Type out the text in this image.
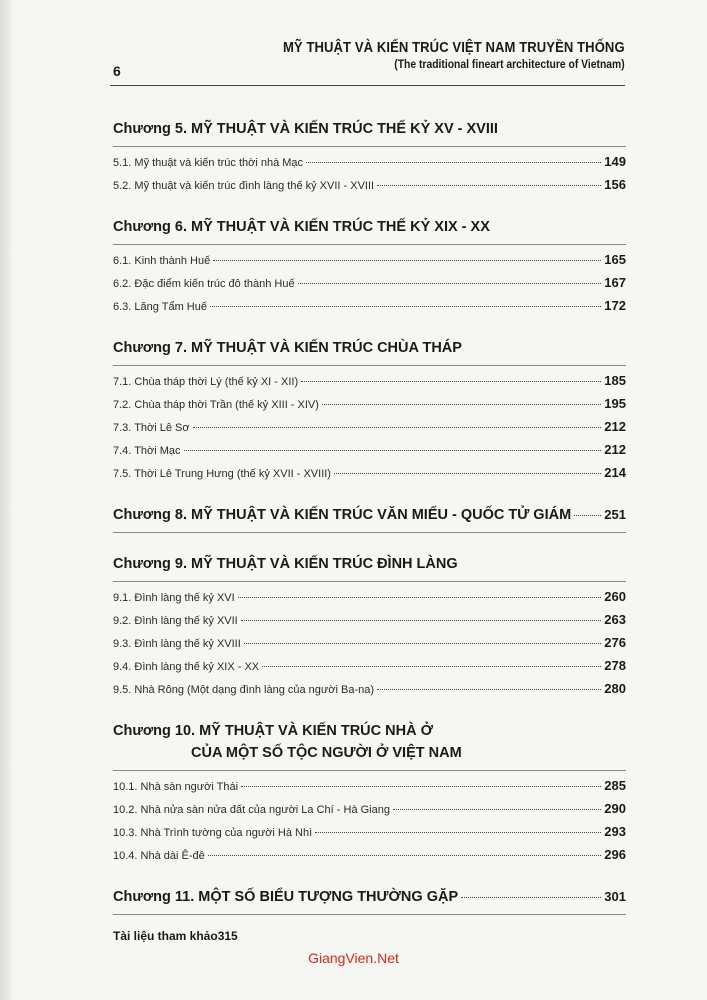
MỸ THUẬT VÀ KIẾN TRÚC VIỆT NAM TRUYỀN THỐNG
(The traditional fineart architecture of Vietnam)
6
Chương 5. MỸ THUẬT VÀ KIẾN TRÚC THẾ KỶ XV - XVIII
5.1. Mỹ thuật và kiến trúc thời nhà Mạc	149
5.2. Mỹ thuật và kiến trúc đình làng thế kỷ XVII - XVIII	156
Chương 6. MỸ THUẬT VÀ KIẾN TRÚC THẾ KỶ XIX - XX
6.1. Kinh thành Huế	165
6.2. Đặc điểm kiến trúc đô thành Huế	167
6.3. Lăng Tẩm Huế	172
Chương 7. MỸ THUẬT VÀ KIẾN TRÚC CHÙA THÁP
7.1. Chùa tháp thời Lý (thế kỷ XI - XII)	185
7.2. Chùa tháp thời Trần (thế kỷ XIII - XIV)	195
7.3. Thời Lê Sơ	212
7.4. Thời Mạc	212
7.5. Thời Lê Trung Hưng (thế kỷ XVII - XVIII)	214
Chương 8. MỸ THUẬT VÀ KIẾN TRÚC VĂN MIẾU - QUỐC TỬ GIÁM	251
Chương 9. MỸ THUẬT VÀ KIẾN TRÚC ĐÌNH LÀNG
9.1. Đình làng thế kỷ XVI	260
9.2. Đình làng thế kỷ XVII	263
9.3. Đình làng thế kỷ XVIII	276
9.4. Đình làng thế kỷ XIX - XX	278
9.5. Nhà Rông (Một dạng đình làng của người Ba-na)	280
Chương 10. MỸ THUẬT VÀ KIẾN TRÚC NHÀ Ở
CỦA MỘT SỐ TỘC NGƯỜI Ở VIỆT NAM
10.1. Nhà sàn người Thái	285
10.2. Nhà nửa sàn nửa đất của người La Chí - Hà Giang	290
10.3. Nhà Trình tường của người Hà Nhì	293
10.4. Nhà dài Ê-đê	296
Chương 11. MỘT SỐ BIỂU TƯỢNG THƯỜNG GẶP	301
Tài liệu tham khảo 315
GiangVien.Net
